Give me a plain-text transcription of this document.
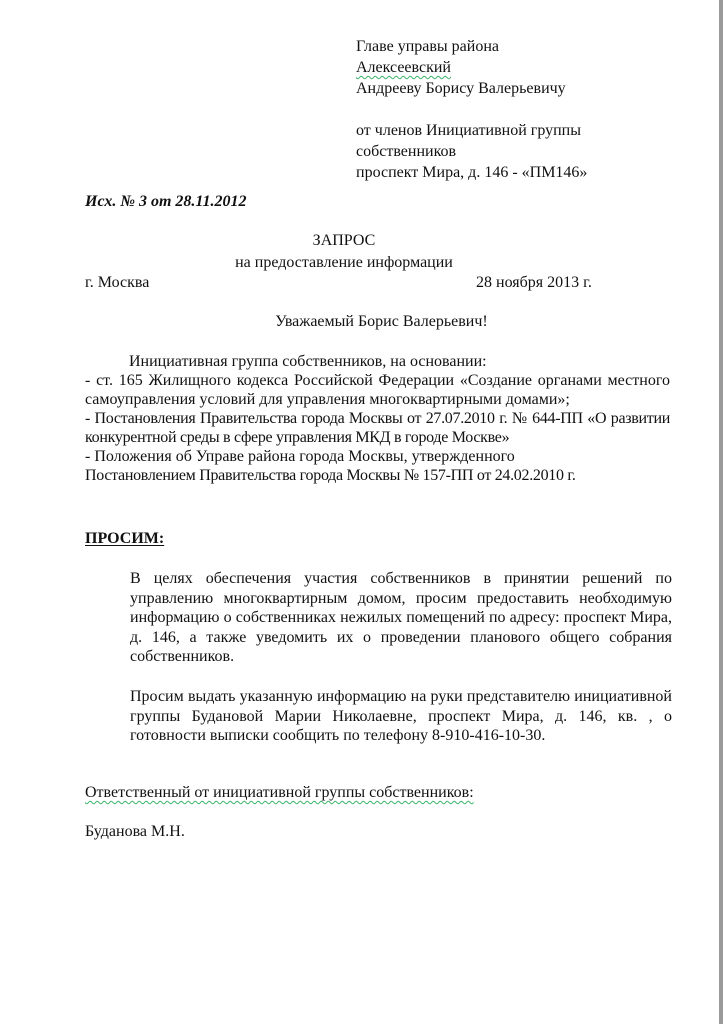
Главе управы района
Алексеевский
Андрееву Борису Валерьевичу
от членов Инициативной группы
собственников
проспект Мира, д. 146 - «ПМ146»
Исх. № 3 от 28.11.2012
ЗАПРОС
на предоставление информации
г. Москва	28 ноября 2013 г.
Уважаемый Борис Валерьевич!

Инициативная группа собственников, на основании:

- ст. 165 Жилищного кодекса Российской Федерации «Создание органами местного самоуправления условий для управления многоквартирными домами»;

- Постановления Правительства города Москвы от 27.07.2010 г. № 644-ПП «О развитии конкурентной среды в сфере управления МКД в городе Москве»

- Положения об Управе района города Москвы, утвержденного

Постановлением Правительства города Москвы № 157-ПП от 24.02.2010 г.

ПРОСИМ:
В целях обеспечения участия собственников в принятии решений по управлению многоквартирным домом, просим предоставить необходимую информацию о собственниках нежилых помещений по адресу: проспект Мира, д. 146, а также уведомить их о проведении планового общего собрания собственников.
Просим выдать указанную информацию на руки представителю инициативной группы Будановой Марии Николаевне, проспект Мира, д. 146, кв. , о готовности выписки сообщить по телефону 8-910-416-10-30.
Ответственный от инициативной группы собственников:
Буданова М.Н.
